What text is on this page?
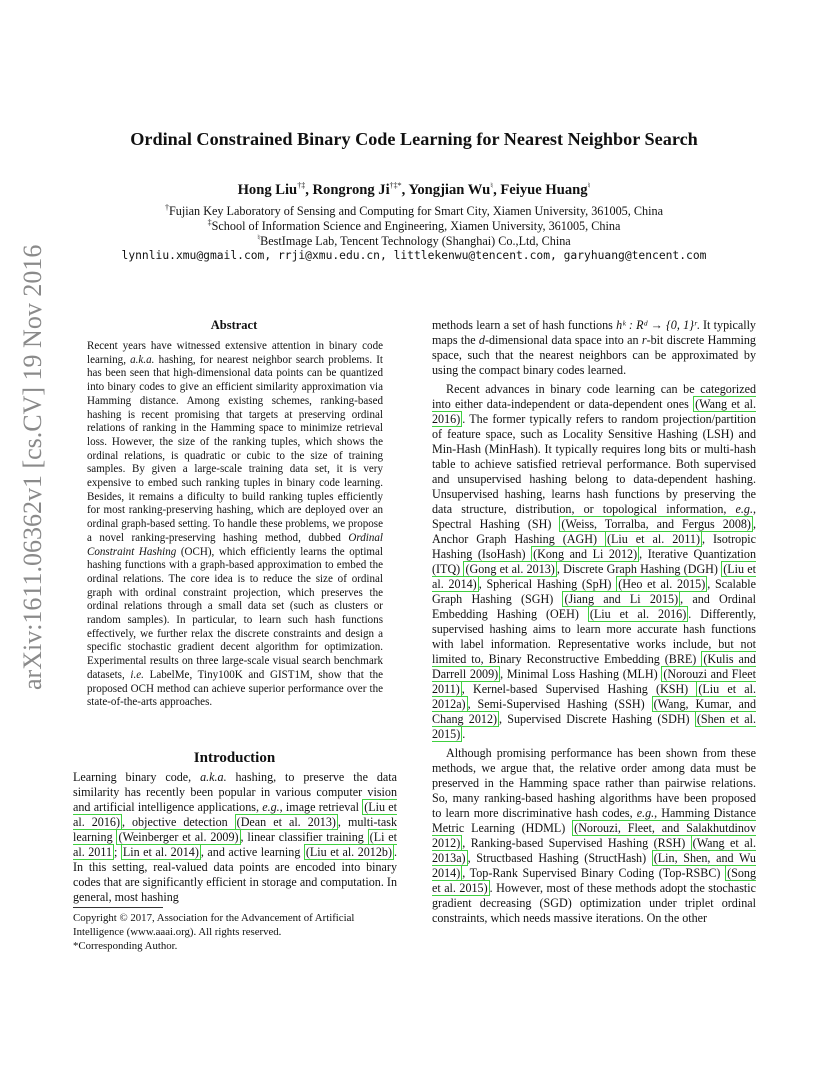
arXiv:1611.06362v1 [cs.CV] 19 Nov 2016
Ordinal Constrained Binary Code Learning for Nearest Neighbor Search
Hong Liu†‡, Rongrong Ji†‡*, Yongjian Wu♮, Feiyue Huang♮
†Fujian Key Laboratory of Sensing and Computing for Smart City, Xiamen University, 361005, China
‡School of Information Science and Engineering, Xiamen University, 361005, China
♮BestImage Lab, Tencent Technology (Shanghai) Co.,Ltd, China
lynnliu.xmu@gmail.com, rrji@xmu.edu.cn, littlekenwu@tencent.com, garyhuang@tencent.com
Abstract
Recent years have witnessed extensive attention in binary code learning, a.k.a. hashing, for nearest neighbor search problems. It has been seen that high-dimensional data points can be quantized into binary codes to give an efficient similarity approximation via Hamming distance. Among existing schemes, ranking-based hashing is recent promising that targets at preserving ordinal relations of ranking in the Hamming space to minimize retrieval loss. However, the size of the ranking tuples, which shows the ordinal relations, is quadratic or cubic to the size of training samples. By given a large-scale training data set, it is very expensive to embed such ranking tuples in binary code learning. Besides, it remains a dificulty to build ranking tuples efficiently for most ranking-preserving hashing, which are deployed over an ordinal graph-based setting. To handle these problems, we propose a novel ranking-preserving hashing method, dubbed Ordinal Constraint Hashing (OCH), which efficiently learns the optimal hashing functions with a graph-based approximation to embed the ordinal relations. The core idea is to reduce the size of ordinal graph with ordinal constraint projection, which preserves the ordinal relations through a small data set (such as clusters or random samples). In particular, to learn such hash functions effectively, we further relax the discrete constraints and design a specific stochastic gradient decent algorithm for optimization. Experimental results on three large-scale visual search benchmark datasets, i.e. LabelMe, Tiny100K and GIST1M, show that the proposed OCH method can achieve superior performance over the state-of-the-arts approaches.
Introduction
Learning binary code, a.k.a. hashing, to preserve the data similarity has recently been popular in various computer vision and artificial intelligence applications, e.g., image retrieval (Liu et al. 2016) , objective detection (Dean et al. 2013) , multi-task learning (Weinberger et al. 2009) , linear classifier training (Li et al. 2011 ; Lin et al. 2014) , and active learning (Liu et al. 2012b) . In this setting, real-valued data points are encoded into binary codes that are significantly efficient in storage and computation. In general, most hashing
Copyright © 2017, Association for the Advancement of Artificial Intelligence (www.aaai.org). All rights reserved.
*Corresponding Author.

methods learn a set of hash functions hᵏ : Rᵈ → {0, 1}ʳ. It typically maps the d-dimensional data space into an r-bit discrete Hamming space, such that the nearest neighbors can be approximated by using the compact binary codes learned.

Recent advances in binary code learning can be categorized into either data-independent or data-dependent ones (Wang et al. 2016) . The former typically refers to random projection/partition of feature space, such as Locality Sensitive Hashing (LSH) and Min-Hash (MinHash). It typically requires long bits or multi-hash table to achieve satisfied retrieval performance. Both supervised and unsupervised hashing belong to data-dependent hashing. Unsupervised hashing, learns hash functions by preserving the data structure, distribution, or topological information, e.g., Spectral Hashing (SH) (Weiss, Torralba, and Fergus 2008) , Anchor Graph Hashing (AGH) (Liu et al. 2011) , Isotropic Hashing (IsoHash) (Kong and Li 2012) , Iterative Quantization (ITQ) (Gong et al. 2013) , Discrete Graph Hashing (DGH) (Liu et al. 2014) , Spherical Hashing (SpH) (Heo et al. 2015) , Scalable Graph Hashing (SGH) (Jiang and Li 2015) , and Ordinal Embedding Hashing (OEH) (Liu et al. 2016) . Differently, supervised hashing aims to learn more accurate hash functions with label information. Representative works include, but not limited to, Binary Reconstructive Embedding (BRE) (Kulis and Darrell 2009) , Minimal Loss Hashing (MLH) (Norouzi and Fleet 2011) , Kernel-based Supervised Hashing (KSH) (Liu et al. 2012a) , Semi-Supervised Hashing (SSH) (Wang, Kumar, and Chang 2012) , Supervised Discrete Hashing (SDH) (Shen et al. 2015) .

Although promising performance has been shown from these methods, we argue that, the relative order among data must be preserved in the Hamming space rather than pairwise relations. So, many ranking-based hashing algorithms have been proposed to learn more discriminative hash codes, e.g., Hamming Distance Metric Learning (HDML) (Norouzi, Fleet, and Salakhutdinov 2012) , Ranking-based Supervised Hashing (RSH) (Wang et al. 2013a) , Structbased Hashing (StructHash) (Lin, Shen, and Wu 2014) , Top-Rank Supervised Binary Coding (Top-RSBC) (Song et al. 2015) . However, most of these methods adopt the stochastic gradient decreasing (SGD) optimization under triplet ordinal constraints, which needs massive iterations. On the other
